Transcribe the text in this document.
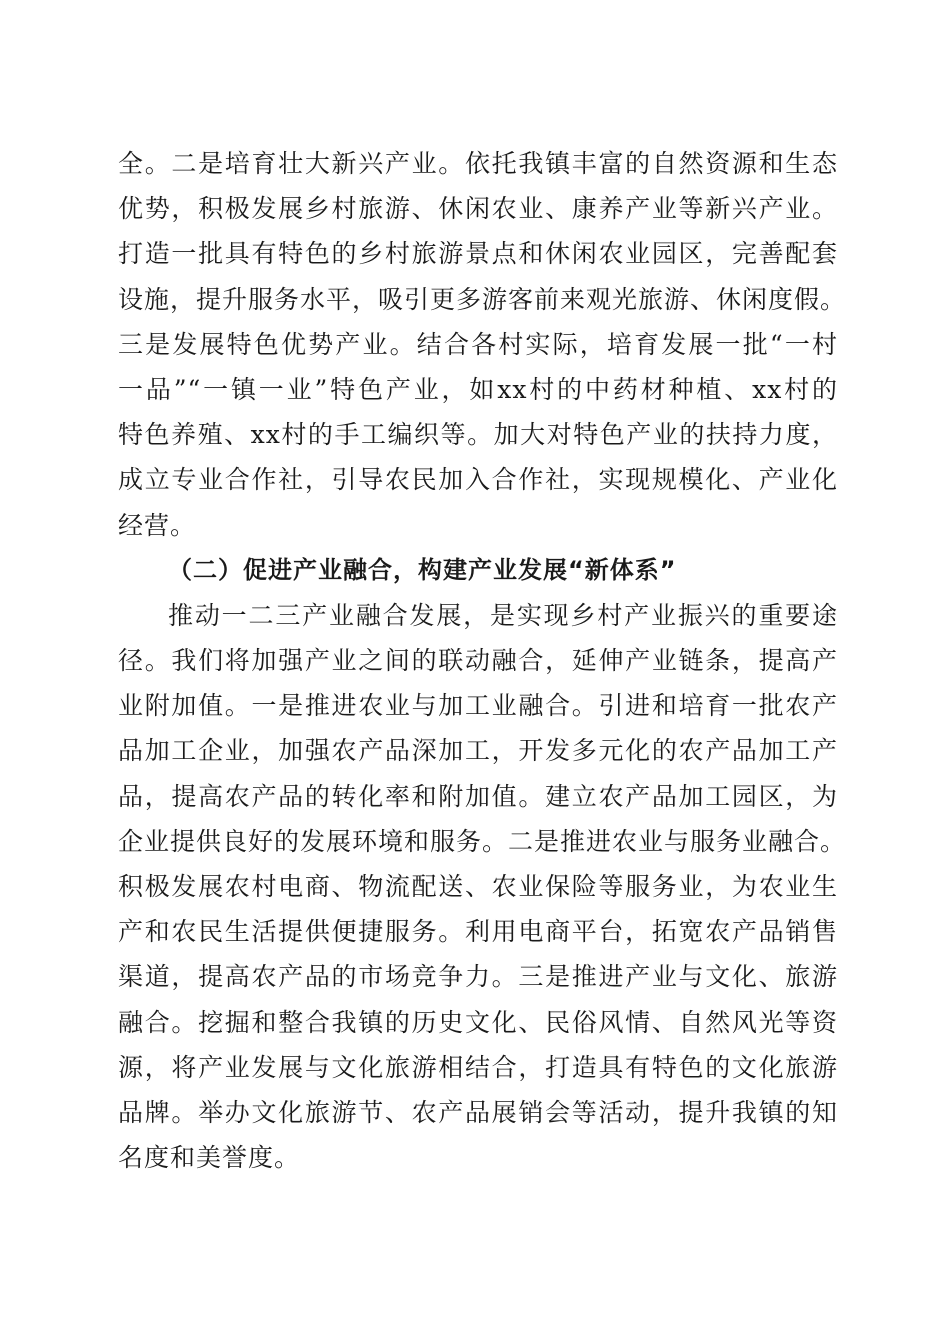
全。二是培育壮大新兴产业。依托我镇丰富的自然资源和生态
优势，积极发展乡村旅游、休闲农业、康养产业等新兴产业。
打造一批具有特色的乡村旅游景点和休闲农业园区，完善配套
设施，提升服务水平，吸引更多游客前来观光旅游、休闲度假。
三是发展特色优势产业。结合各村实际，培育发展一批“一村
一品”“一镇一业”特色产业，如xx村的中药材种植、xx村的
特色养殖、xx村的手工编织等。加大对特色产业的扶持力度，
成立专业合作社，引导农民加入合作社，实现规模化、产业化
经营。
（二）促进产业融合，构建产业发展“新体系”
推动一二三产业融合发展，是实现乡村产业振兴的重要途
径。我们将加强产业之间的联动融合，延伸产业链条，提高产
业附加值。一是推进农业与加工业融合。引进和培育一批农产
品加工企业，加强农产品深加工，开发多元化的农产品加工产
品，提高农产品的转化率和附加值。建立农产品加工园区，为
企业提供良好的发展环境和服务。二是推进农业与服务业融合。
积极发展农村电商、物流配送、农业保险等服务业，为农业生
产和农民生活提供便捷服务。利用电商平台，拓宽农产品销售
渠道，提高农产品的市场竞争力。三是推进产业与文化、旅游
融合。挖掘和整合我镇的历史文化、民俗风情、自然风光等资
源，将产业发展与文化旅游相结合，打造具有特色的文化旅游
品牌。举办文化旅游节、农产品展销会等活动，提升我镇的知
名度和美誉度。
